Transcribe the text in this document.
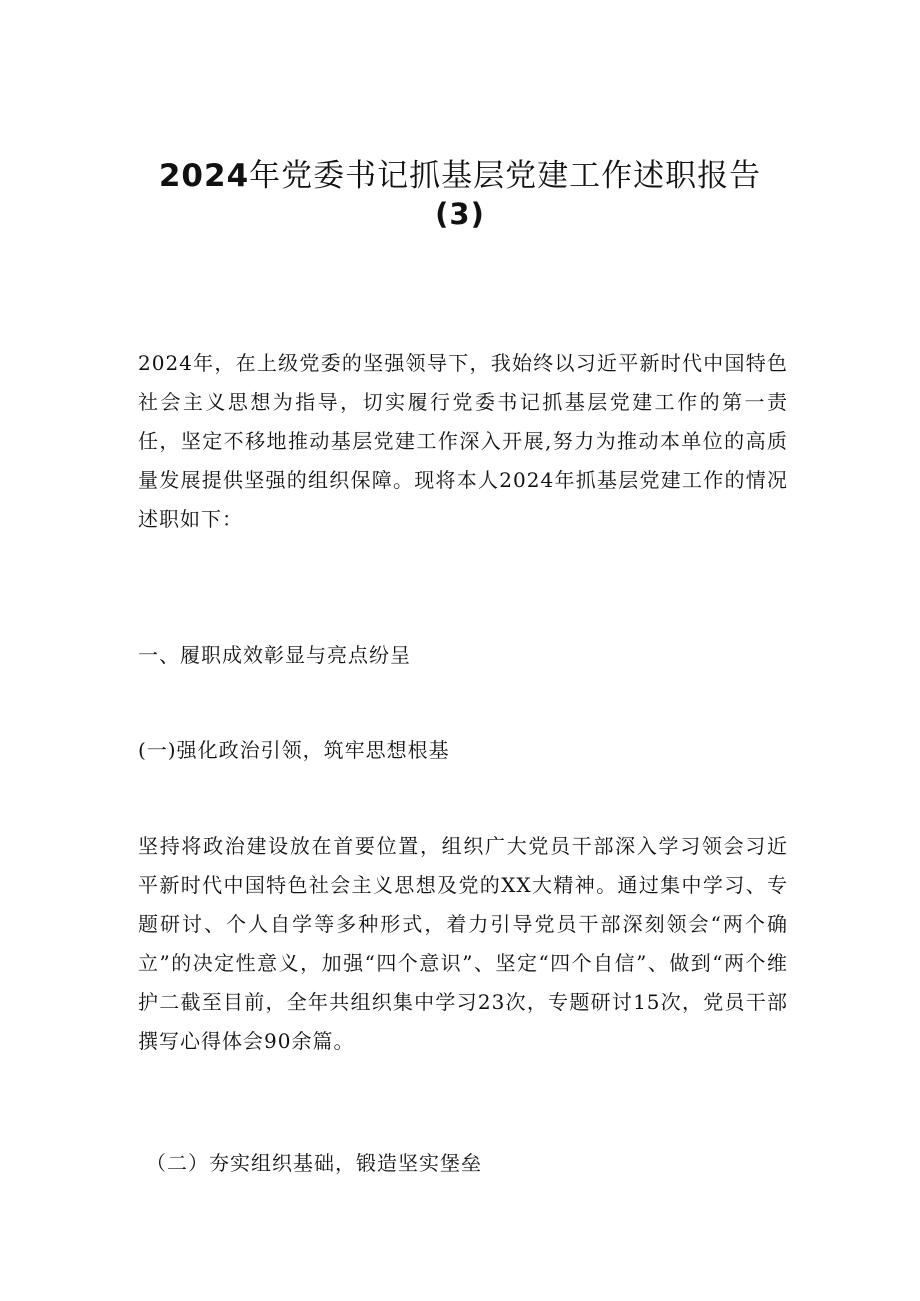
2024年党委书记抓基层党建工作述职报告
(3)

2024年，在上级党委的坚强领导下，我始终以习近平新时代中国特色社会主义思想为指导，切实履行党委书记抓基层党建工作的第一责任，坚定不移地推动基层党建工作深入开展,努力为推动本单位的高质量发展提供坚强的组织保障。现将本人2024年抓基层党建工作的情况述职如下：

一、履职成效彰显与亮点纷呈
(一)强化政治引领，筑牢思想根基

坚持将政治建设放在首要位置，组织广大党员干部深入学习领会习近平新时代中国特色社会主义思想及党的XX大精神。通过集中学习、专题研讨、个人自学等多种形式，着力引导党员干部深刻领会“两个确立”的决定性意义，加强“四个意识”、坚定“四个自信”、做到“两个维护二截至目前，全年共组织集中学习23次，专题研讨15次，党员干部撰写心得体会90余篇。

（二）夯实组织基础，锻造坚实堡垒
